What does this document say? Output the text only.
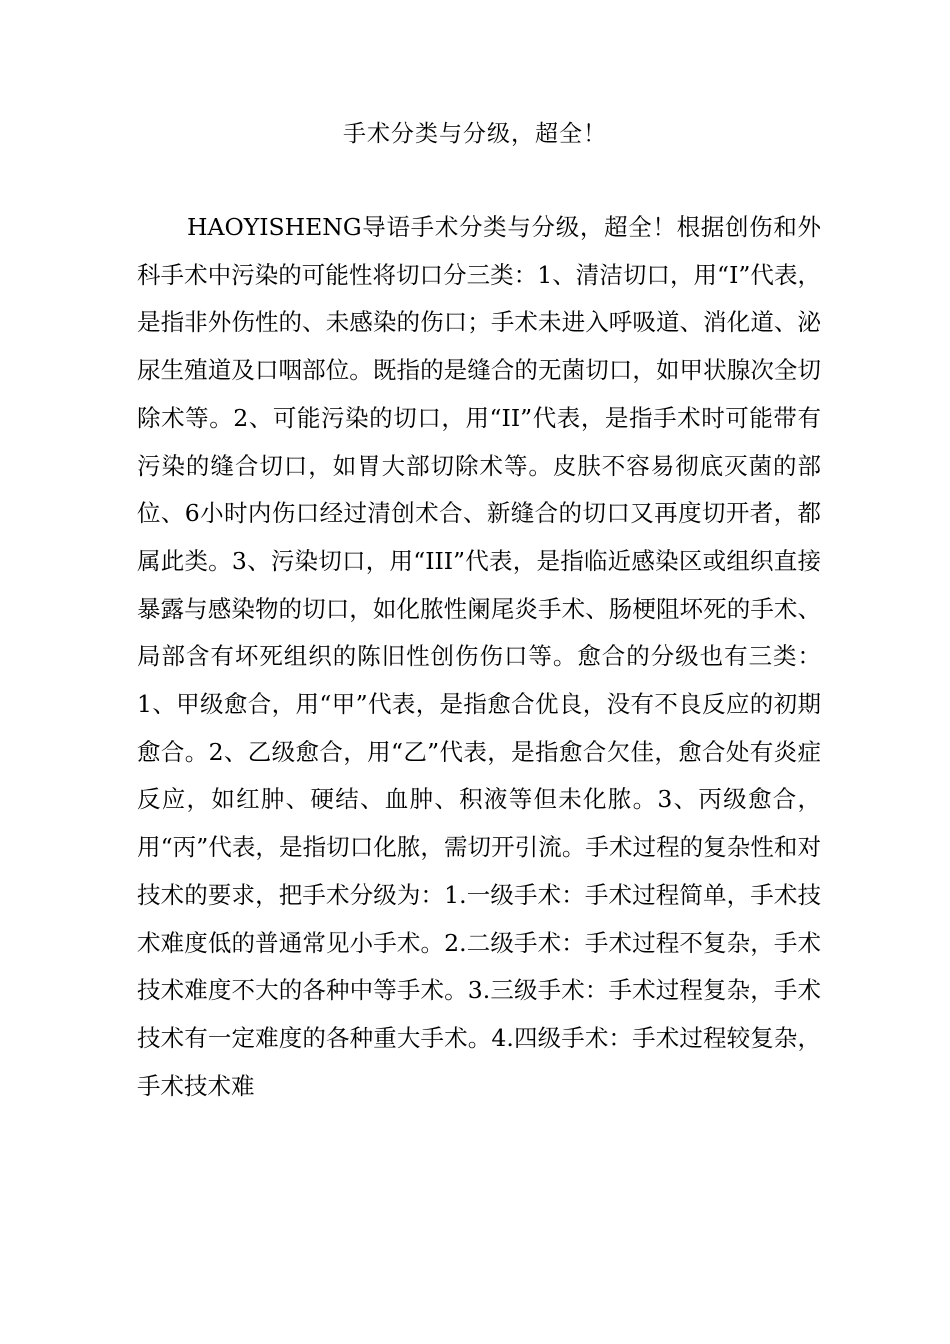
手术分类与分级，超全！

HAOYISHENG导语手术分类与分级，超全！根据创伤和外科手术中污染的可能性将切口分三类：1、清洁切口，用“I”代表，是指非外伤性的、未感染的伤口；手术未进入呼吸道、消化道、泌尿生殖道及口咽部位。既指的是缝合的无菌切口，如甲状腺次全切除术等。2、可能污染的切口，用“II”代表，是指手术时可能带有污染的缝合切口，如胃大部切除术等。皮肤不容易彻底灭菌的部位、6小时内伤口经过清创术合、新缝合的切口又再度切开者，都属此类。3、污染切口，用“III”代表，是指临近感染区或组织直接暴露与感染物的切口，如化脓性阑尾炎手术、肠梗阻坏死的手术、局部含有坏死组织的陈旧性创伤伤口等。愈合的分级也有三类：1、甲级愈合，用“甲”代表，是指愈合优良，没有不良反应的初期愈合。2、乙级愈合，用“乙”代表，是指愈合欠佳，愈合处有炎症反应，如红肿、硬结、血肿、积液等但未化脓。3、丙级愈合，用“丙”代表，是指切口化脓，需切开引流。手术过程的复杂性和对技术的要求，把手术分级为：1.一级手术：手术过程简单，手术技术难度低的普通常见小手术。2.二级手术：手术过程不复杂，手术技术难度不大的各种中等手术。3.三级手术：手术过程复杂，手术技术有一定难度的各种重大手术。4.四级手术：手术过程较复杂，手术技术难
